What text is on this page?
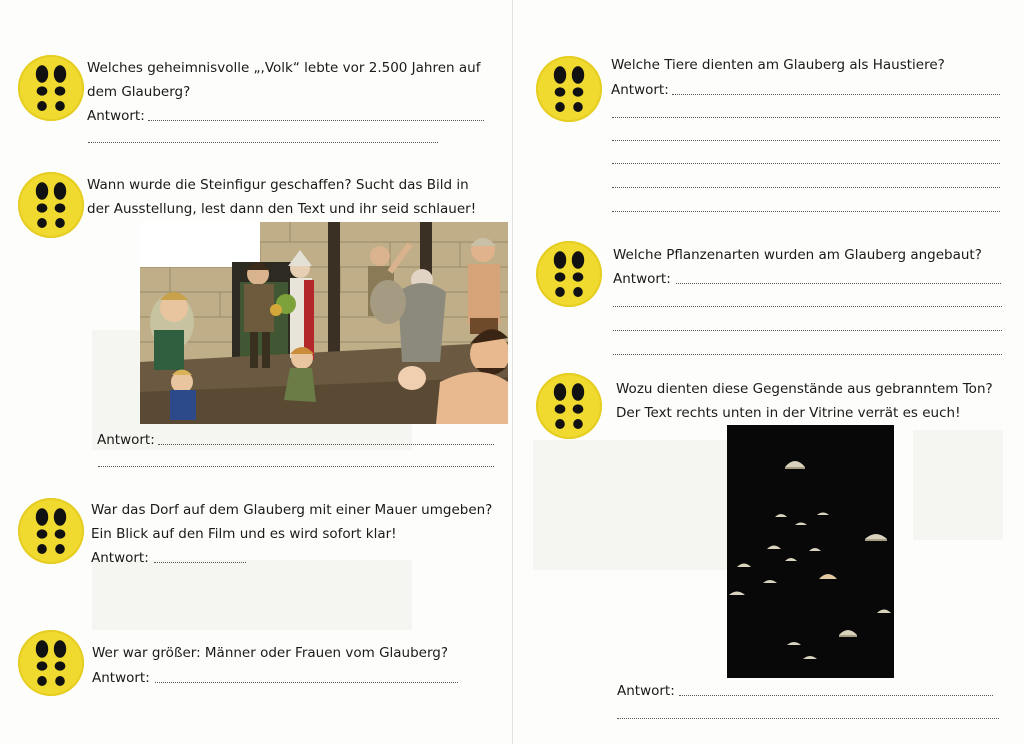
Welches geheimnisvolle „,Volk“ lebte vor 2.500 Jahren auf

dem Glauberg?

Antwort:

Wann wurde die Steinfigur geschaffen? Sucht das Bild in

der Ausstellung, lest dann den Text und ihr seid schlauer!

Antwort:

War das Dorf auf dem Glauberg mit einer Mauer umgeben?

Ein Blick auf den Film und es wird sofort klar!

Antwort:

Wer war größer: Männer oder Frauen vom Glauberg?

Antwort:

Welche Tiere dienten am Glauberg als Haustiere?

Antwort:

Welche Pflanzenarten wurden am Glauberg angebaut?

Antwort:

Wozu dienten diese Gegenstände aus gebranntem Ton?

Der Text rechts unten in der Vitrine verrät es euch!

Antwort:
